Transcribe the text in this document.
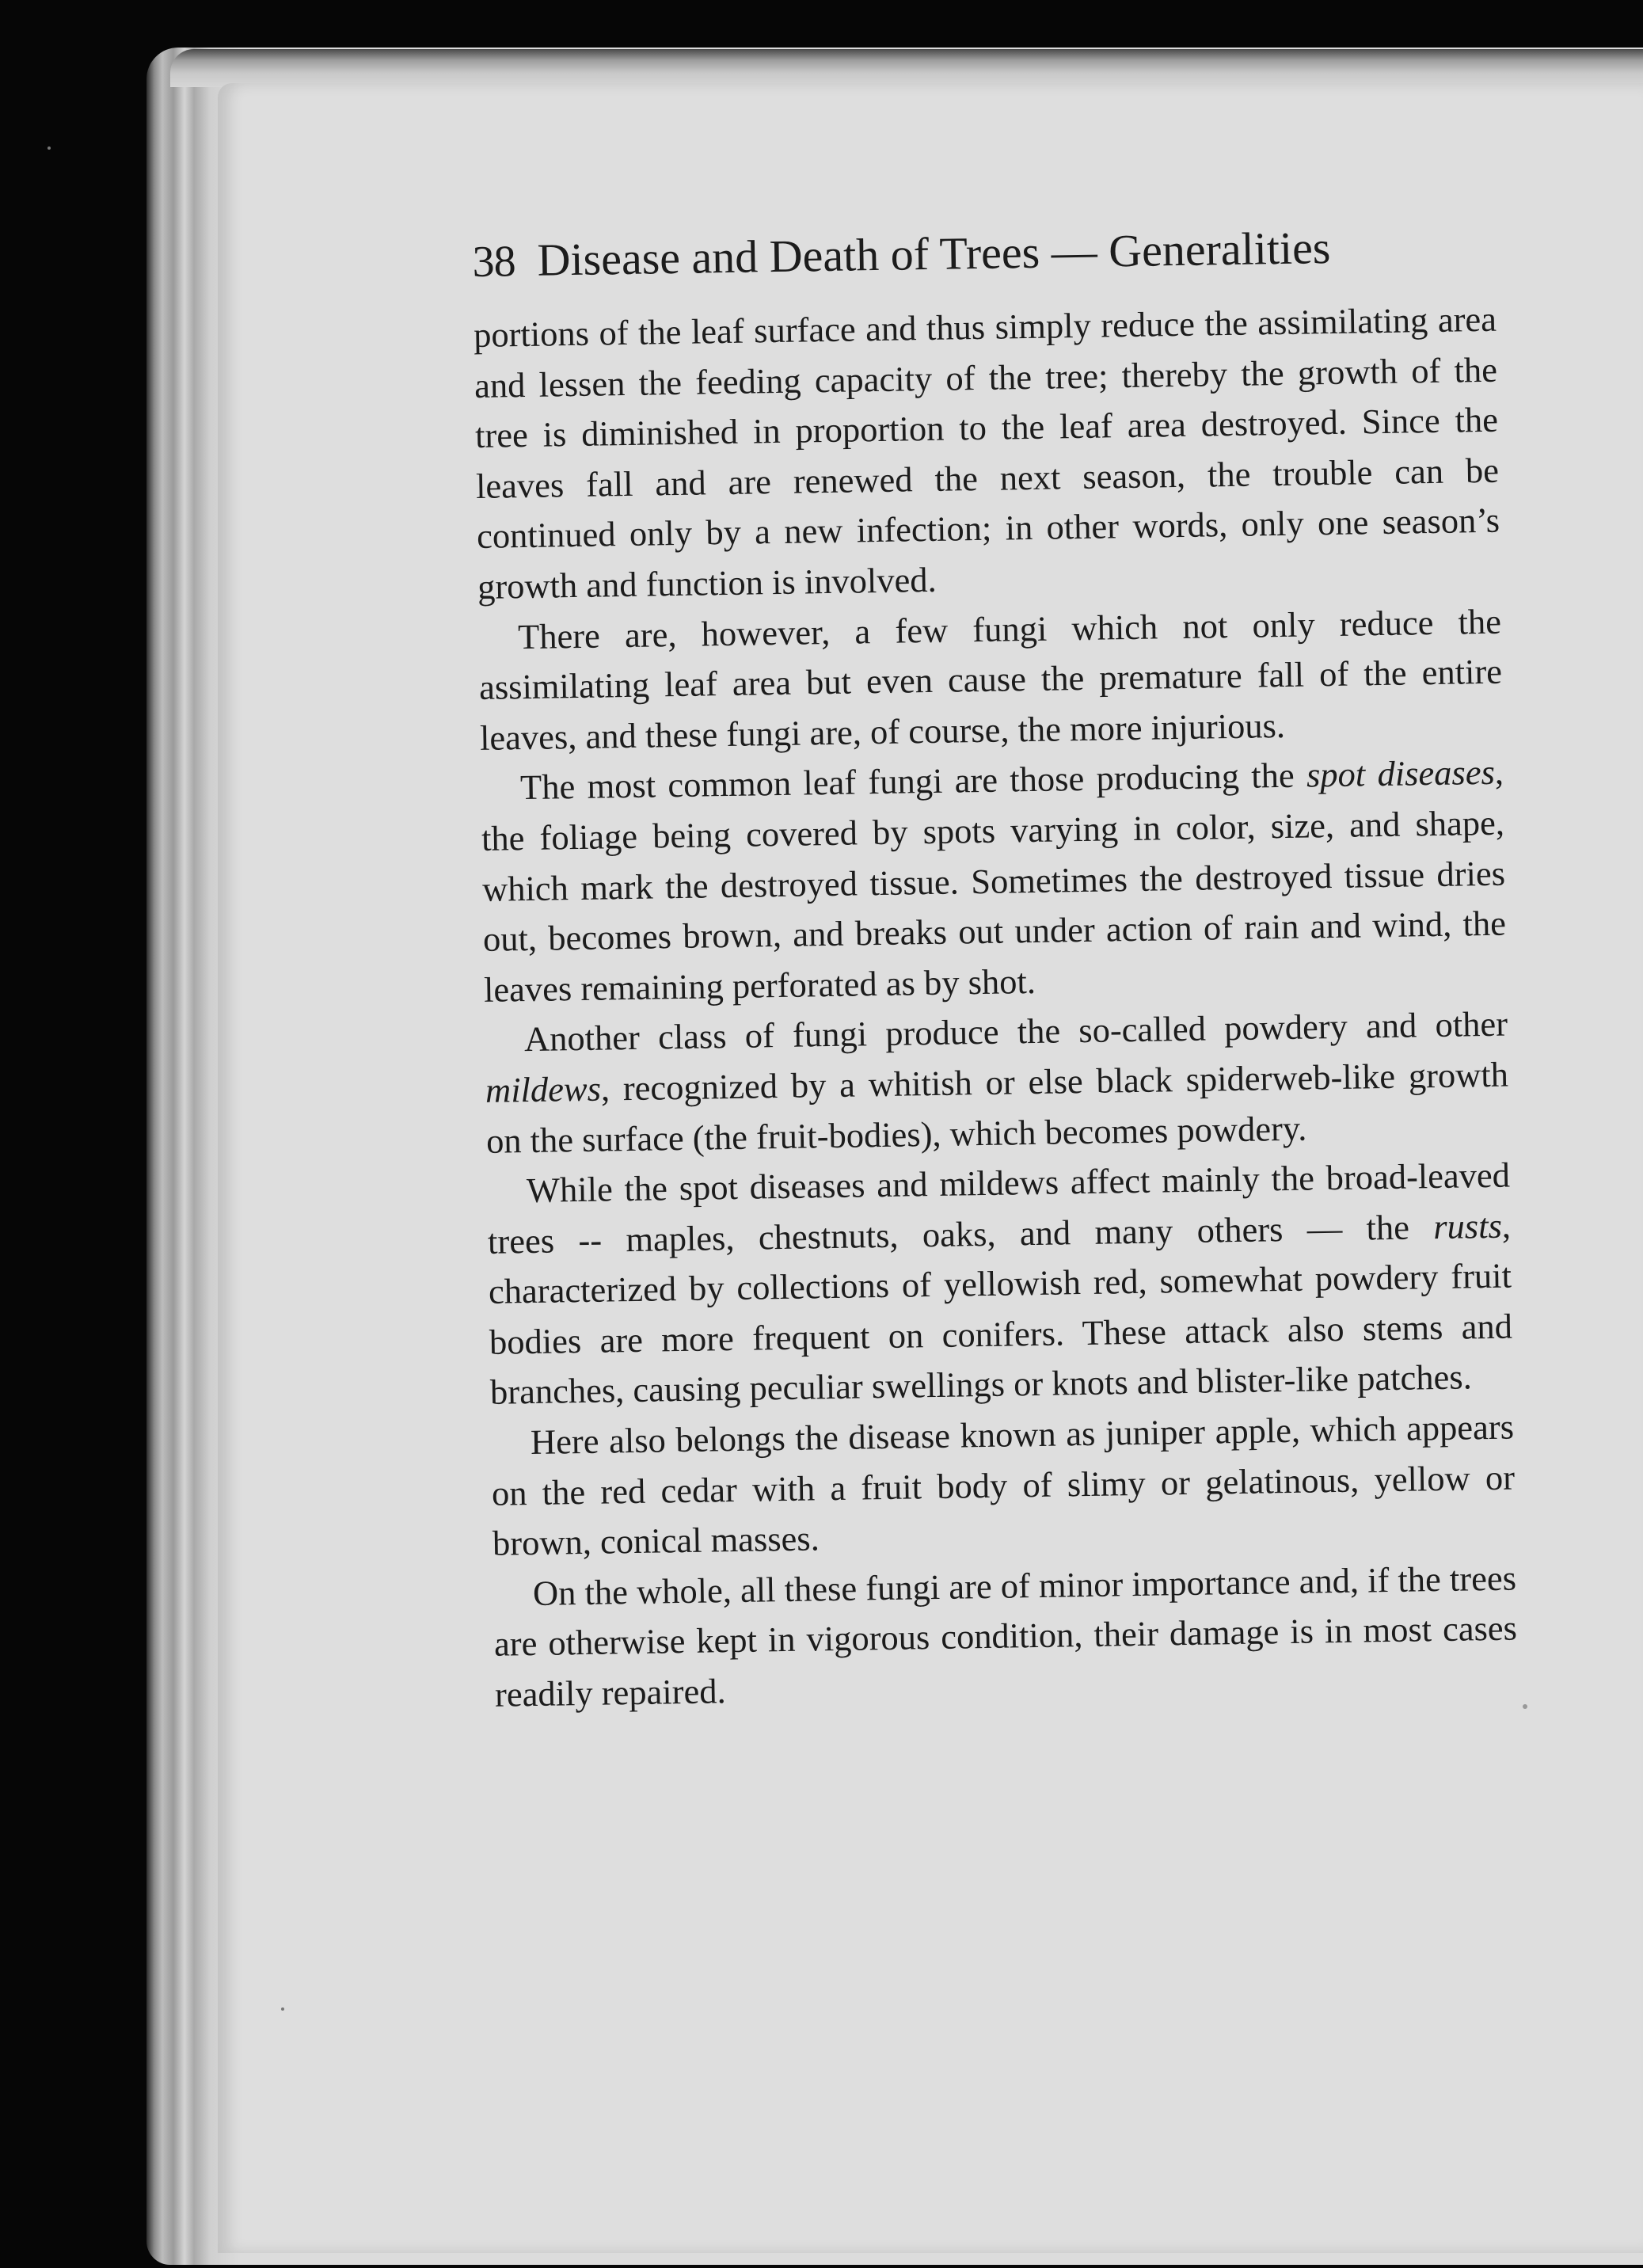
38 Disease and Death of Trees — Generalities

portions of the leaf surface and thus simply reduce the assimilating area and lessen the feeding capacity of the tree; thereby the growth of the tree is diminished in proportion to the leaf area destroyed. Since the leaves fall and are renewed the next season, the trouble can be continued only by a new infection; in other words, only one season’s growth and function is involved.

There are, however, a few fungi which not only reduce the assimilating leaf area but even cause the premature fall of the entire leaves, and these fungi are, of course, the more injurious.

The most common leaf fungi are those producing the spot diseases, the foliage being covered by spots varying in color, size, and shape, which mark the destroyed tissue. Sometimes the destroyed tissue dries out, becomes brown, and breaks out under action of rain and wind, the leaves remaining perforated as by shot.

Another class of fungi produce the so-called powdery and other mildews, recognized by a whitish or else black spiderweb-like growth on the surface (the fruit-bodies), which becomes powdery.

While the spot diseases and mildews affect mainly the broad-leaved trees -- maples, chestnuts, oaks, and many others — the rusts, characterized by collections of yellowish red, somewhat powdery fruit bodies are more frequent on conifers. These attack also stems and branches, causing peculiar swellings or knots and blister-like patches.

Here also belongs the disease known as juniper apple, which appears on the red cedar with a fruit body of slimy or gelatinous, yellow or brown, conical masses.

On the whole, all these fungi are of minor importance and, if the trees are otherwise kept in vigorous condition, their damage is in most cases readily repaired.
